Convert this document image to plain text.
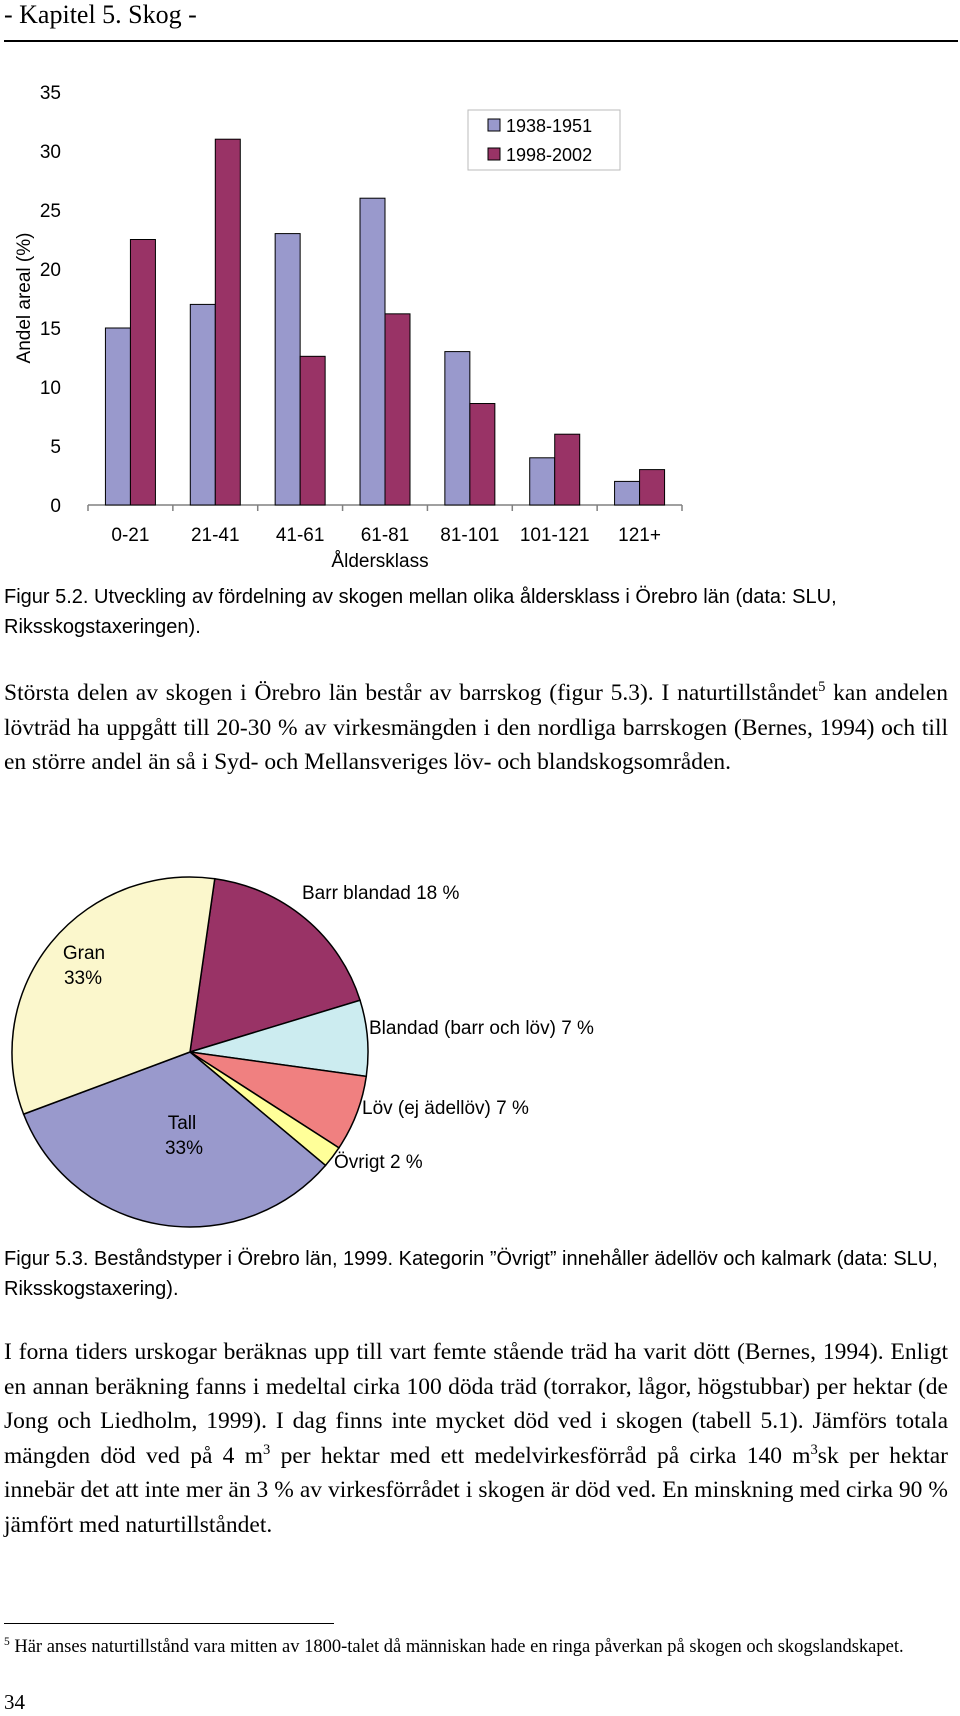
- Kapitel 5. Skog -
0
5
10
15
20
25
30
35
0-21 21-41 41-61 61-81 81-101 101-121 121+
Åldersklass
Andel areal (%)
1938-1951
1998-2002
Figur 5.2. Utveckling av fördelning av skogen mellan olika åldersklass i Örebro län (data: SLU, Riksskogstaxeringen).
Största delen av skogen i Örebro län består av barrskog (figur 5.3). I naturtillståndet$^5$ kan andelen lövträd ha uppgått till 20-30 % av virkesmängden i den nordliga barrskogen (Bernes, 1994) och till en större andel än så i Syd- och Mellansveriges löv- och blandskogsområden.
Barr blandad 18 %
Blandad (barr och löv) 7 %
Löv (ej ädellöv) 7 %
Övrigt 2 %
Tall
33%
Gran
33%
Figur 5.3. Beståndstyper i Örebro län, 1999. Kategorin ”Övrigt” innehåller ädellöv och kalmark (data: SLU, Riksskogstaxering).
I forna tiders urskogar beräknas upp till vart femte stående träd ha varit dött (Bernes, 1994). Enligt en annan beräkning fanns i medeltal cirka 100 döda träd (torrakor, lågor, högstubbar) per hektar (de Jong och Liedholm, 1999). I dag finns inte mycket död ved i skogen (tabell 5.1). Jämförs totala mängden död ved på 4 $m^3$ per hektar med ett medelvirkesförråd på cirka 140 $m^3sk$ per hektar innebär det att inte mer än 3 % av virkesförrådet i skogen är död ved. En minskning med cirka 90 % jämfört med naturtillståndet.
$^5$ Här anses naturtillstånd vara mitten av 1800-talet då människan hade en ringa påverkan på skogen och skogslandskapet.
34
